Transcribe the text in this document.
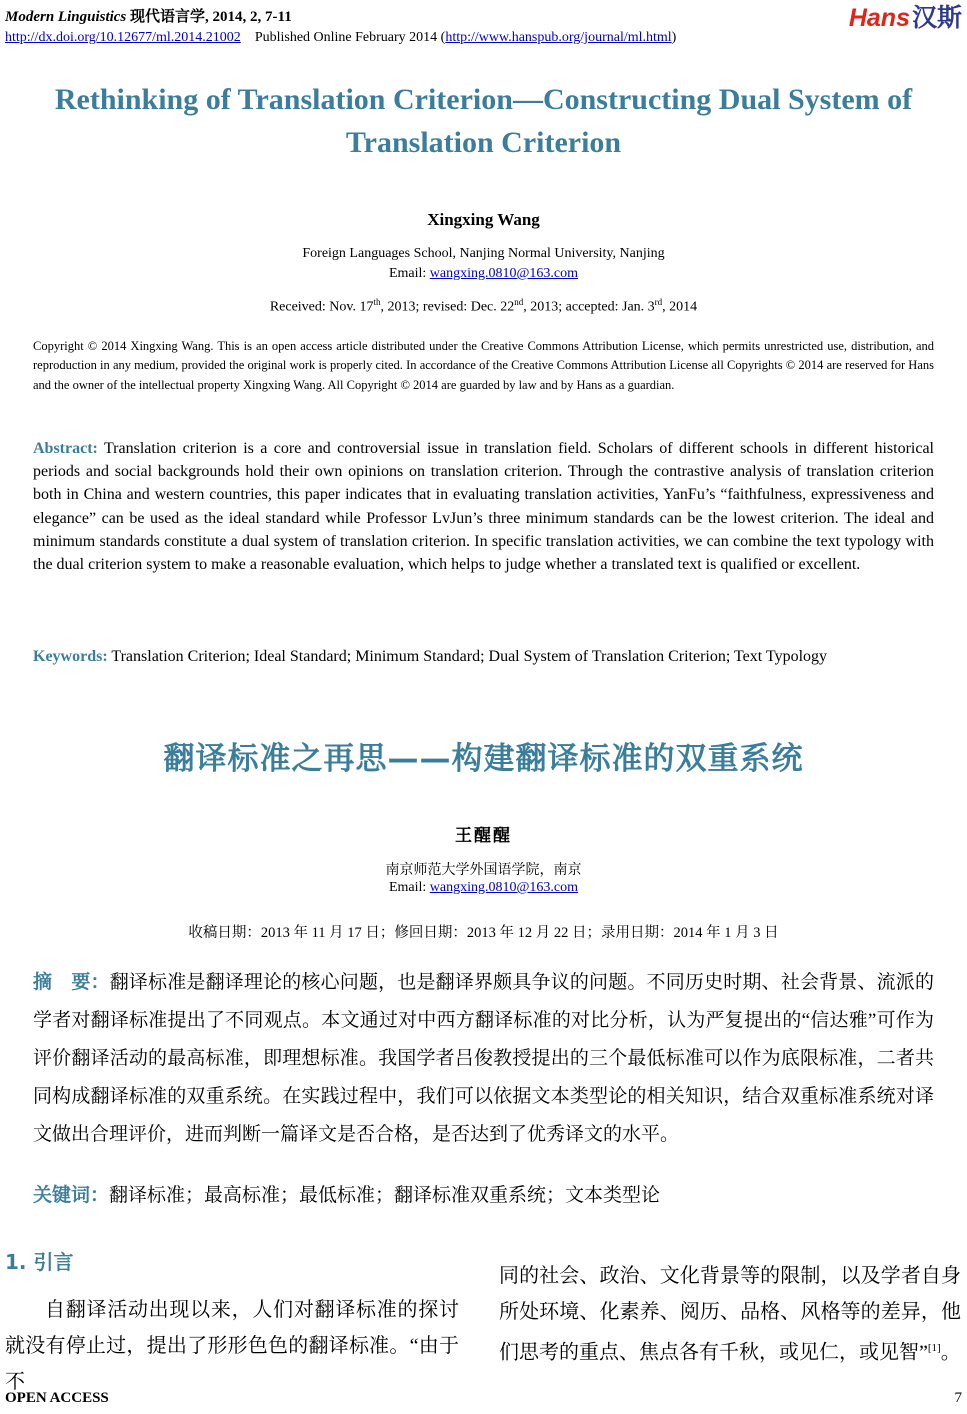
Modern Linguistics 现代语言学, 2014, 2, 7-11
http://dx.doi.org/10.12677/ml.2014.21002 Published Online February 2014 (http://www.hanspub.org/journal/ml.html)
Hans汉斯
Rethinking of Translation Criterion—Constructing Dual System of Translation Criterion
Xingxing Wang
Foreign Languages School, Nanjing Normal University, Nanjing
Email: wangxing.0810@163.com
Received: Nov. 17th, 2013; revised: Dec. 22nd, 2013; accepted: Jan. 3rd, 2014

Copyright © 2014 Xingxing Wang. This is an open access article distributed under the Creative Commons Attribution License, which permits unrestricted use, distribution, and reproduction in any medium, provided the original work is properly cited. In accordance of the Creative Commons Attribution License all Copyrights © 2014 are reserved for Hans and the owner of the intellectual property Xingxing Wang. All Copyright © 2014 are guarded by law and by Hans as a guardian.

Abstract: Translation criterion is a core and controversial issue in translation field. Scholars of different schools in different historical periods and social backgrounds hold their own opinions on translation criterion. Through the contrastive analysis of translation criterion both in China and western countries, this paper indicates that in evaluating translation activities, YanFu’s “faithfulness, expressiveness and elegance” can be used as the ideal standard while Professor LvJun’s three minimum standards can be the lowest criterion. The ideal and minimum standards constitute a dual system of translation criterion. In specific translation activities, we can combine the text typology with the dual criterion system to make a reasonable evaluation, which helps to judge whether a translated text is qualified or excellent.

Keywords: Translation Criterion; Ideal Standard; Minimum Standard; Dual System of Translation Criterion; Text Typology

翻译标准之再思——构建翻译标准的双重系统
王醒醒
南京师范大学外国语学院，南京
Email: wangxing.0810@163.com
收稿日期：2013 年 11 月 17 日；修回日期：2013 年 12 月 22 日；录用日期：2014 年 1 月 3 日

摘　要：翻译标准是翻译理论的核心问题，也是翻译界颇具争议的问题。不同历史时期、社会背景、流派的学者对翻译标准提出了不同观点。本文通过对中西方翻译标准的对比分析，认为严复提出的“信达雅”可作为评价翻译活动的最高标准，即理想标准。我国学者吕俊教授提出的三个最低标准可以作为底限标准，二者共同构成翻译标准的双重系统。在实践过程中，我们可以依据文本类型论的相关知识，结合双重标准系统对译文做出合理评价，进而判断一篇译文是否合格，是否达到了优秀译文的水平。

关键词：翻译标准；最高标准；最低标准；翻译标准双重系统；文本类型论

1. 引言

自翻译活动出现以来，人们对翻译标准的探讨就没有停止过，提出了形形色色的翻译标准。“由于不

同的社会、政治、文化背景等的限制，以及学者自身所处环境、化素养、阅历、品格、风格等的差异，他们思考的重点、焦点各有千秋，或见仁，或见智”[1]。

OPEN ACCESS	7
